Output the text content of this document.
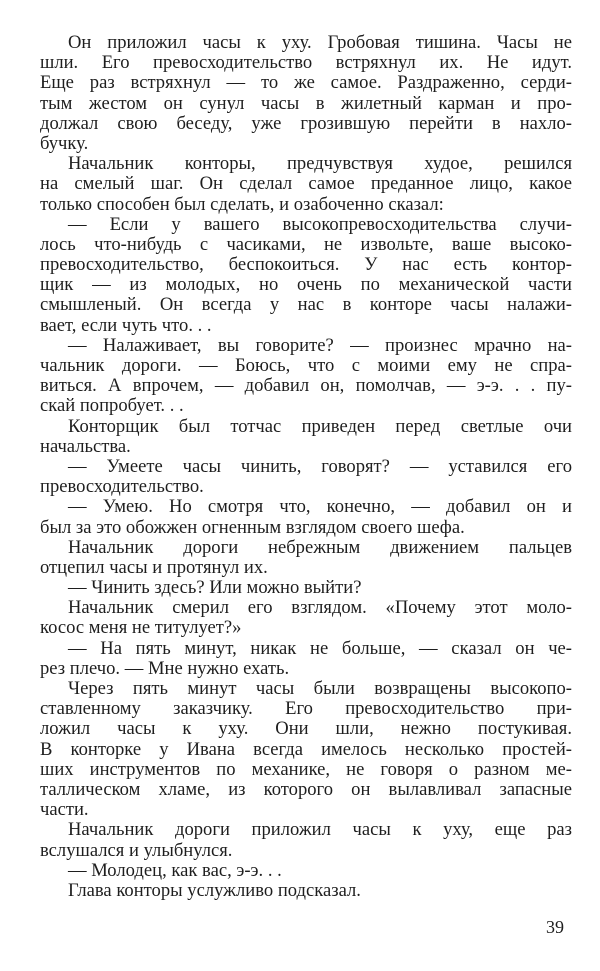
Он приложил часы к уху. Гробовая тишина. Часы не
шли. Его превосходительство встряхнул их. Не идут.
Еще раз встряхнул — то же самое. Раздраженно, серди-
тым жестом он сунул часы в жилетный карман и про-
должал свою беседу, уже грозившую перейти в нахло-
бучку.
Начальник конторы, предчувствуя худое, решился
на смелый шаг. Он сделал самое преданное лицо, какое
только способен был сделать, и озабоченно сказал:
— Если у вашего высокопревосходительства случи-
лось что-нибудь с часиками, не извольте, ваше высоко-
превосходительство, беспокоиться. У нас есть контор-
щик — из молодых, но очень по механической части
смышленый. Он всегда у нас в конторе часы налажи-
вает, если чуть что. . .
— Налаживает, вы говорите? — произнес мрачно на-
чальник дороги. — Боюсь, что с моими ему не спра-
виться. А впрочем, — добавил он, помолчав, — э-э. . . пу-
скай попробует. . .
Конторщик был тотчас приведен перед светлые очи
начальства.
— Умеете часы чинить, говорят? — уставился его
превосходительство.
— Умею. Но смотря что, конечно, — добавил он и
был за это обожжен огненным взглядом своего шефа.
Начальник дороги небрежным движением пальцев
отцепил часы и протянул их.
— Чинить здесь? Или можно выйти?
Начальник смерил его взглядом. «Почему этот моло-
косос меня не титулует?»
— На пять минут, никак не больше, — сказал он че-
рез плечо. — Мне нужно ехать.
Через пять минут часы были возвращены высокопо-
ставленному заказчику. Его превосходительство при-
ложил часы к уху. Они шли, нежно постукивая.
В конторке у Ивана всегда имелось несколько простей-
ших инструментов по механике, не говоря о разном ме-
таллическом хламе, из которого он вылавливал запасные
части.
Начальник дороги приложил часы к уху, еще раз
вслушался и улыбнулся.
— Молодец, как вас, э-э. . .
Глава конторы услужливо подсказал.
39
